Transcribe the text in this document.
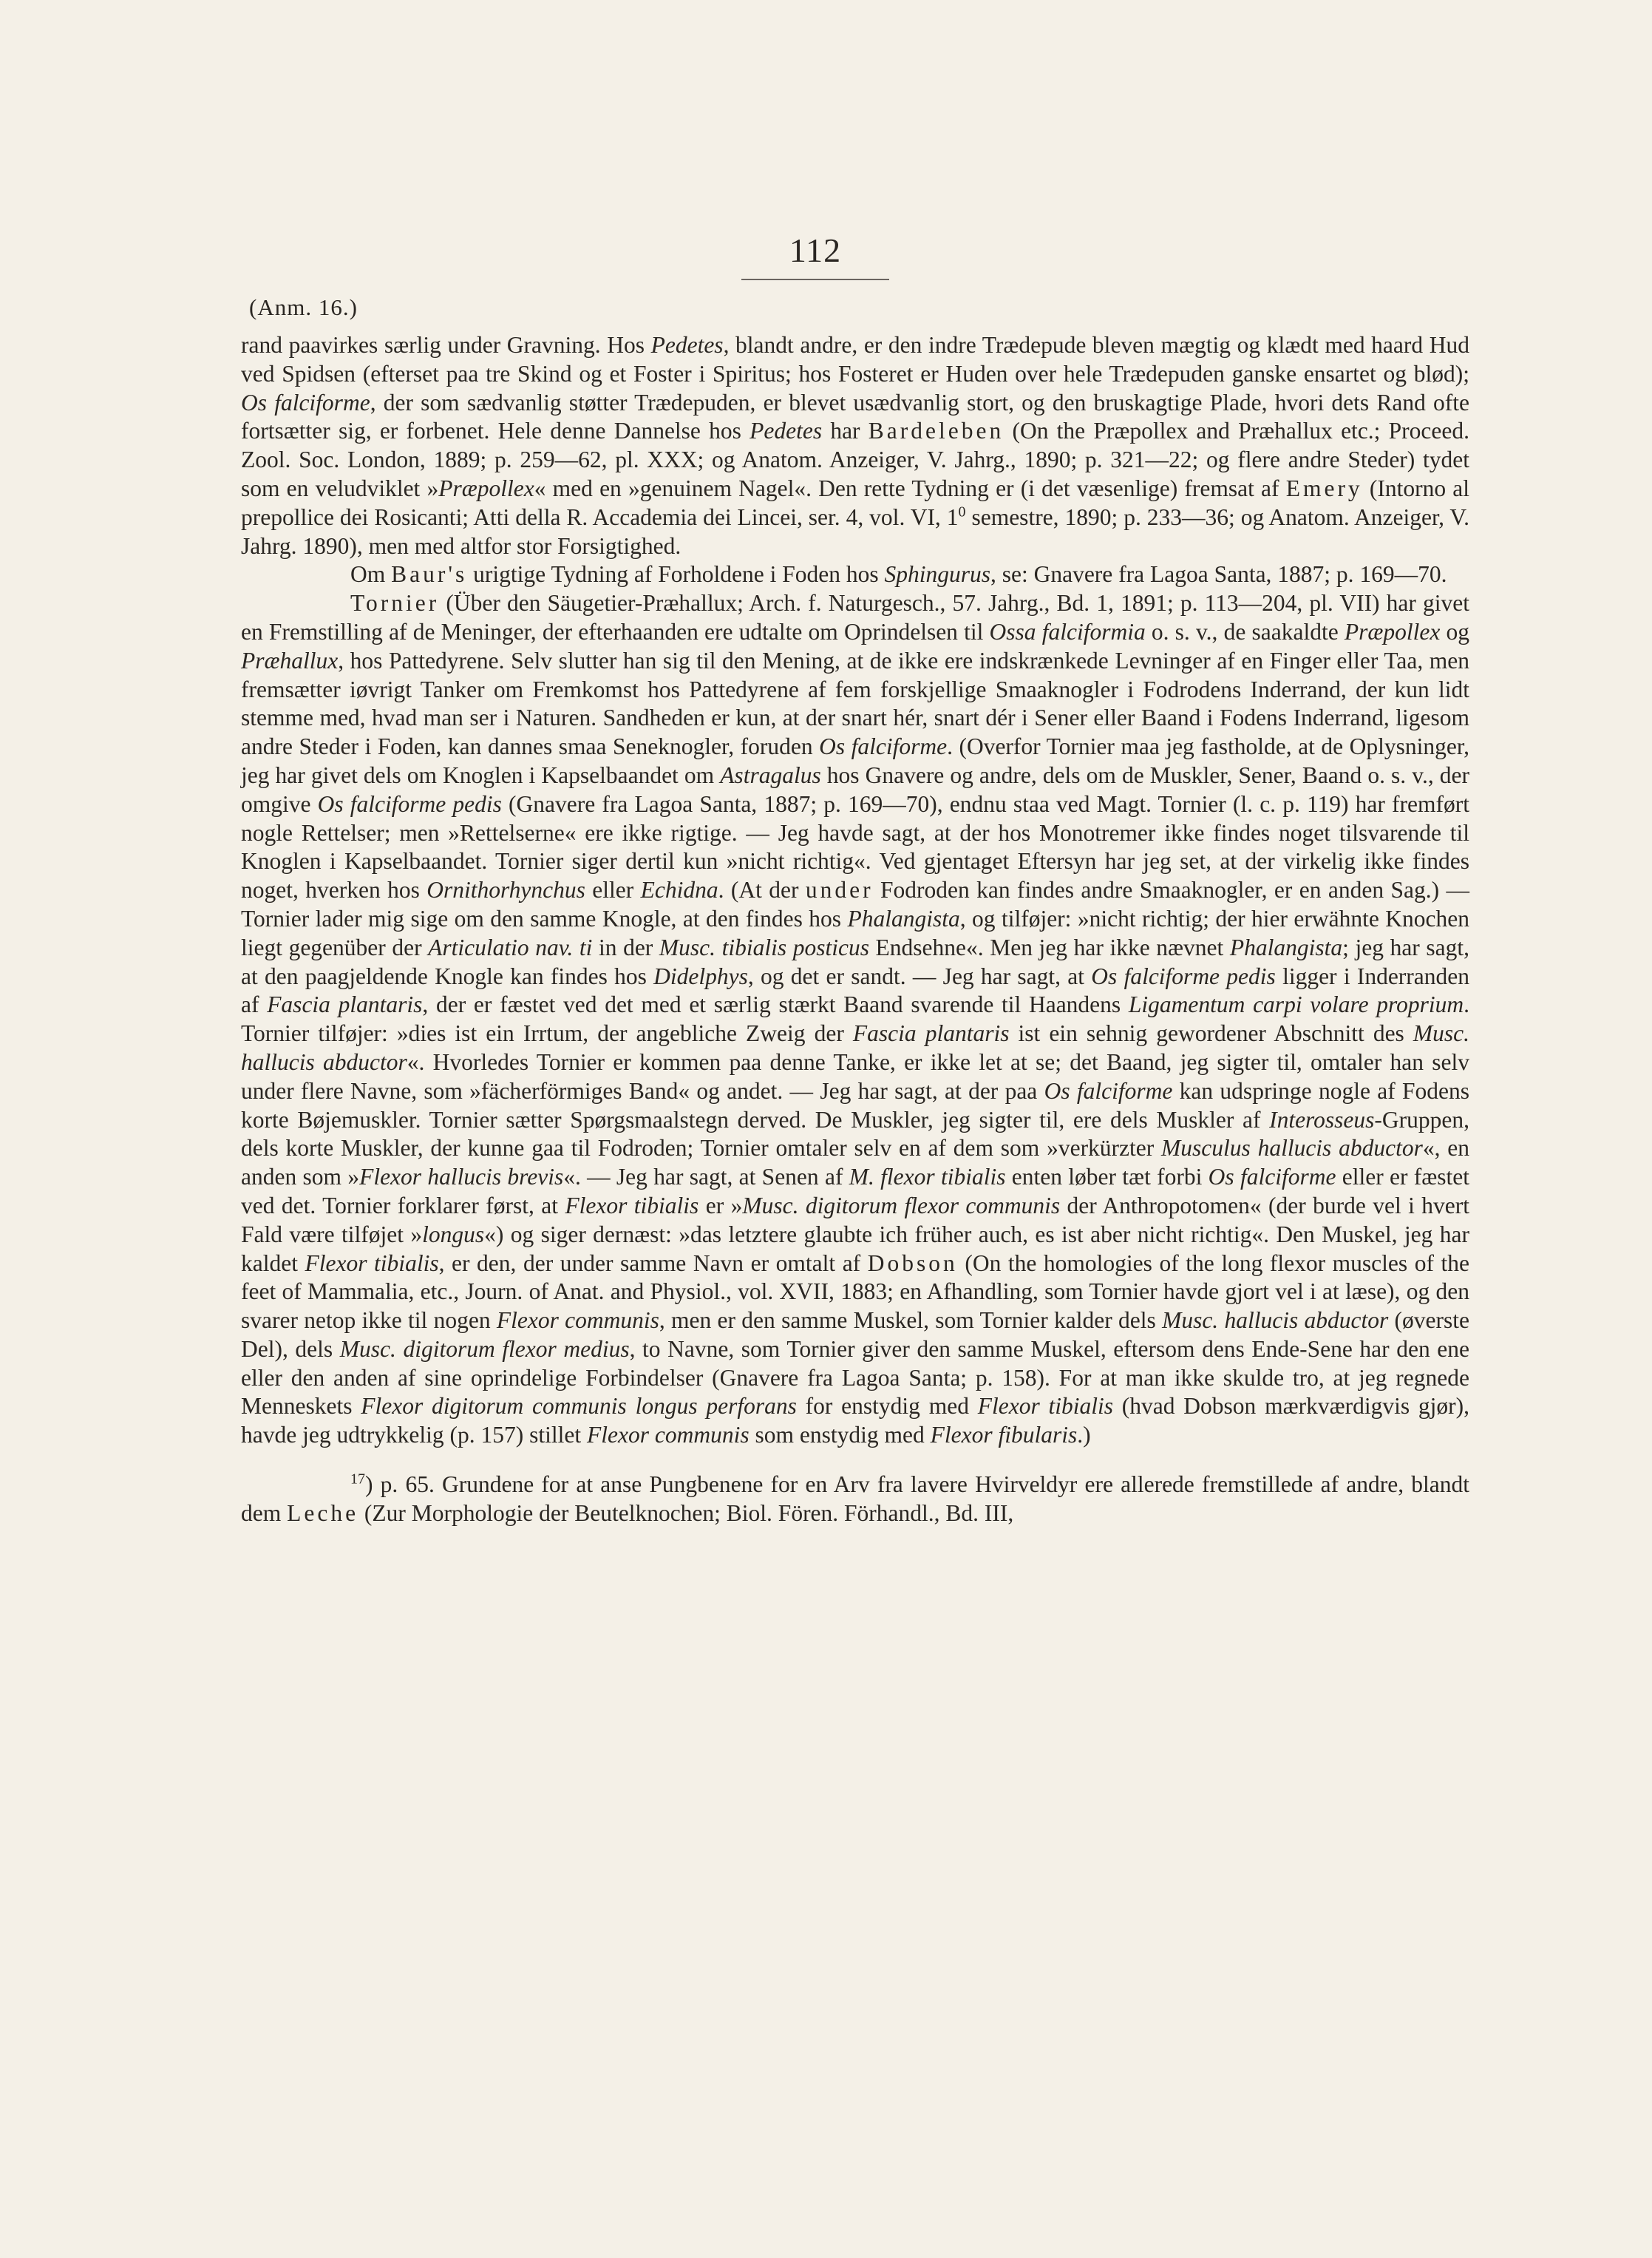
112
(Anm. 16.)

rand paavirkes særlig under Gravning. Hos Pedetes, blandt andre, er den indre Trædepude bleven mægtig og klædt med haard Hud ved Spidsen (efterset paa tre Skind og et Foster i Spiritus; hos Fosteret er Huden over hele Trædepuden ganske ensartet og blød); Os falciforme, der som sædvanlig støtter Trædepuden, er blevet usædvanlig stort, og den bruskagtige Plade, hvori dets Rand ofte fortsætter sig, er forbenet. Hele denne Dannelse hos Pedetes har Bardeleben (On the Præpollex and Præhallux etc.; Proceed. Zool. Soc. London, 1889; p. 259—62, pl. XXX; og Anatom. Anzeiger, V. Jahrg., 1890; p. 321—22; og flere andre Steder) tydet som en veludviklet »Præpollex« med en »genuinem Nagel«. Den rette Tydning er (i det væsenlige) fremsat af Emery (Intorno al prepollice dei Rosicanti; Atti della R. Accademia dei Lincei, ser. 4, vol. VI, $1^0$ semestre, 1890; p. 233—36; og Anatom. Anzeiger, V. Jahrg. 1890), men med altfor stor Forsigtighed.

Om Baur's urigtige Tydning af Forholdene i Foden hos Sphingurus, se: Gnavere fra Lagoa Santa, 1887; p. 169—70.

Tornier (Über den Säugetier-Præhallux; Arch. f. Naturgesch., 57. Jahrg., Bd. 1, 1891; p. 113—204, pl. VII) har givet en Fremstilling af de Meninger, der efterhaanden ere udtalte om Oprindelsen til Ossa falciformia o. s. v., de saakaldte Præpollex og Præhallux, hos Pattedyrene. Selv slutter han sig til den Mening, at de ikke ere indskrænkede Levninger af en Finger eller Taa, men fremsætter iøvrigt Tanker om Fremkomst hos Pattedyrene af fem forskjellige Smaaknogler i Fodrodens Inderrand, der kun lidt stemme med, hvad man ser i Naturen. Sandheden er kun, at der snart hér, snart dér i Sener eller Baand i Fodens Inderrand, ligesom andre Steder i Foden, kan dannes smaa Seneknogler, foruden Os falciforme. (Overfor Tornier maa jeg fastholde, at de Oplysninger, jeg har givet dels om Knoglen i Kapselbaandet om Astragalus hos Gnavere og andre, dels om de Muskler, Sener, Baand o. s. v., der omgive Os falciforme pedis (Gnavere fra Lagoa Santa, 1887; p. 169—70), endnu staa ved Magt. Tornier (l. c. p. 119) har fremført nogle Rettelser; men »Rettelserne« ere ikke rigtige. — Jeg havde sagt, at der hos Monotremer ikke findes noget tilsvarende til Knoglen i Kapselbaandet. Tornier siger dertil kun »nicht richtig«. Ved gjentaget Eftersyn har jeg set, at der virkelig ikke findes noget, hverken hos Ornithorhynchus eller Echidna. (At der under Fodroden kan findes andre Smaaknogler, er en anden Sag.) — Tornier lader mig sige om den samme Knogle, at den findes hos Phalangista, og tilføjer: »nicht richtig; der hier erwähnte Knochen liegt gegenüber der Articulatio nav. ti in der Musc. tibialis posticus Endsehne«. Men jeg har ikke nævnet Phalangista; jeg har sagt, at den paagjeldende Knogle kan findes hos Didelphys, og det er sandt. — Jeg har sagt, at Os falciforme pedis ligger i Inderranden af Fascia plantaris, der er fæstet ved det med et særlig stærkt Baand svarende til Haandens Ligamentum carpi volare proprium. Tornier tilføjer: »dies ist ein Irrtum, der angebliche Zweig der Fascia plantaris ist ein sehnig gewordener Abschnitt des Musc. hallucis abductor«. Hvorledes Tornier er kommen paa denne Tanke, er ikke let at se; det Baand, jeg sigter til, omtaler han selv under flere Navne, som »fächerförmiges Band« og andet. — Jeg har sagt, at der paa Os falciforme kan udspringe nogle af Fodens korte Bøjemuskler. Tornier sætter Spørgsmaalstegn derved. De Muskler, jeg sigter til, ere dels Muskler af Interosseus-Gruppen, dels korte Muskler, der kunne gaa til Fodroden; Tornier omtaler selv en af dem som »verkürzter Musculus hallucis abductor«, en anden som »Flexor hallucis brevis«. — Jeg har sagt, at Senen af M. flexor tibialis enten løber tæt forbi Os falciforme eller er fæstet ved det. Tornier forklarer først, at Flexor tibialis er »Musc. digitorum flexor communis der Anthropotomen« (der burde vel i hvert Fald være tilføjet »longus«) og siger dernæst: »das letztere glaubte ich früher auch, es ist aber nicht richtig«. Den Muskel, jeg har kaldet Flexor tibialis, er den, der under samme Navn er omtalt af Dobson (On the homologies of the long flexor muscles of the feet of Mammalia, etc., Journ. of Anat. and Physiol., vol. XVII, 1883; en Afhandling, som Tornier havde gjort vel i at læse), og den svarer netop ikke til nogen Flexor communis, men er den samme Muskel, som Tornier kalder dels Musc. hallucis abductor (øverste Del), dels Musc. digitorum flexor medius, to Navne, som Tornier giver den samme Muskel, eftersom dens Ende-Sene har den ene eller den anden af sine oprindelige Forbindelser (Gnavere fra Lagoa Santa; p. 158). For at man ikke skulde tro, at jeg regnede Menneskets Flexor digitorum communis longus perforans for enstydig med Flexor tibialis (hvad Dobson mærkværdigvis gjør), havde jeg udtrykkelig (p. 157) stillet Flexor communis som enstydig med Flexor fibularis.)

$^{17}$) p. 65. Grundene for at anse Pungbenene for en Arv fra lavere Hvirveldyr ere allerede fremstillede af andre, blandt dem Leche (Zur Morphologie der Beutelknochen; Biol. Fören. Förhandl., Bd. III,
